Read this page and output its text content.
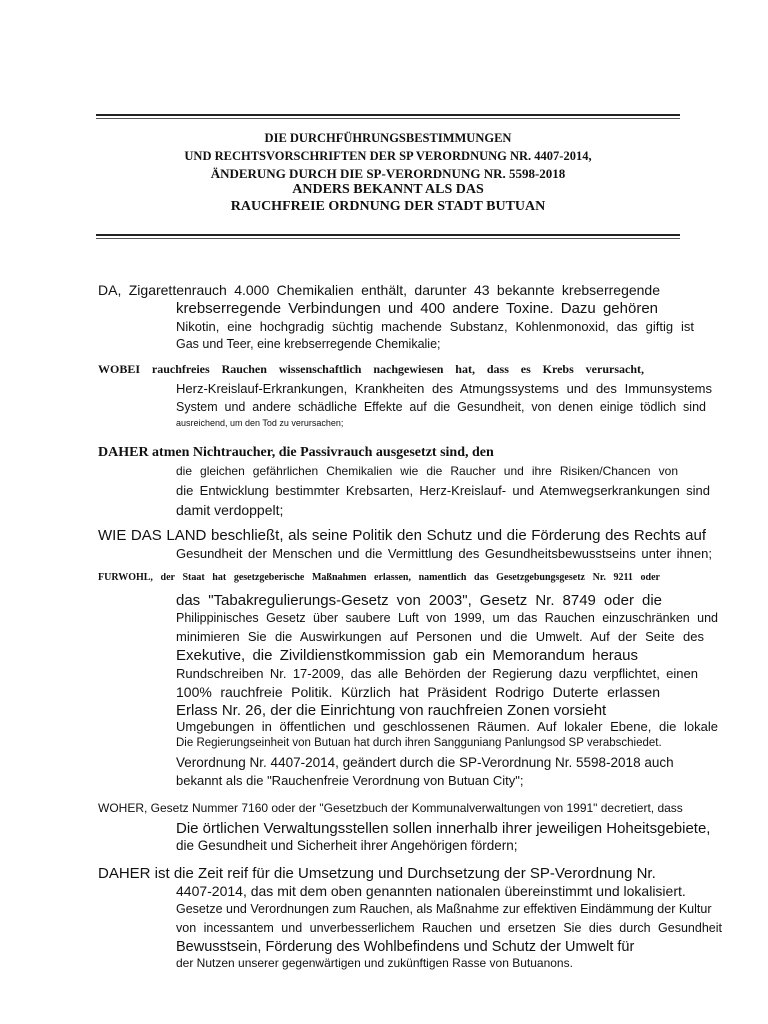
DIE DURCHFÜHRUNGSBESTIMMUNGEN
UND RECHTSVORSCHRIFTEN DER SP VERORDNUNG NR. 4407-2014,
ÄNDERUNG DURCH DIE SP-VERORDNUNG NR. 5598-2018
ANDERS BEKANNT ALS DAS
RAUCHFREIE ORDNUNG DER STADT BUTUAN
DA, Zigarettenrauch 4.000 Chemikalien enthält, darunter 43 bekannte krebserregende
krebserregende Verbindungen und 400 andere Toxine. Dazu gehören
Nikotin, eine hochgradig süchtig machende Substanz, Kohlenmonoxid, das giftig ist
Gas und Teer, eine krebserregende Chemikalie;
WOBEI rauchfreies Rauchen wissenschaftlich nachgewiesen hat, dass es Krebs verursacht,
Herz-Kreislauf-Erkrankungen, Krankheiten des Atmungssystems und des Immunsystems
System und andere schädliche Effekte auf die Gesundheit, von denen einige tödlich sind
ausreichend, um den Tod zu verursachen;
DAHER atmen Nichtraucher, die Passivrauch ausgesetzt sind, den
die gleichen gefährlichen Chemikalien wie die Raucher und ihre Risiken/Chancen von
die Entwicklung bestimmter Krebsarten, Herz-Kreislauf- und Atemwegserkrankungen sind
damit verdoppelt;
WIE DAS LAND beschließt, als seine Politik den Schutz und die Förderung des Rechts auf
Gesundheit der Menschen und die Vermittlung des Gesundheitsbewusstseins unter ihnen;
FÜRWOHL, der Staat hat gesetzgeberische Maßnahmen erlassen, namentlich das Gesetzgebungsgesetz Nr. 9211 oder
das "Tabakregulierungs-Gesetz von 2003", Gesetz Nr. 8749 oder die
Philippinisches Gesetz über saubere Luft von 1999, um das Rauchen einzuschränken und
minimieren Sie die Auswirkungen auf Personen und die Umwelt. Auf der Seite des
Exekutive, die Zivildienstkommission gab ein Memorandum heraus
Rundschreiben Nr. 17-2009, das alle Behörden der Regierung dazu verpflichtet, einen
100% rauchfreie Politik. Kürzlich hat Präsident Rodrigo Duterte erlassen
Erlass Nr. 26, der die Einrichtung von rauchfreien Zonen vorsieht
Umgebungen in öffentlichen und geschlossenen Räumen. Auf lokaler Ebene, die lokale
Die Regierungseinheit von Butuan hat durch ihren Sangguniang Panlungsod SP verabschiedet.
Verordnung Nr. 4407-2014, geändert durch die SP-Verordnung Nr. 5598-2018 auch
bekannt als die "Rauchenfreie Verordnung von Butuan City";
WOHER, Gesetz Nummer 7160 oder der "Gesetzbuch der Kommunalverwaltungen von 1991" decretiert, dass
Die örtlichen Verwaltungsstellen sollen innerhalb ihrer jeweiligen Hoheitsgebiete,
die Gesundheit und Sicherheit ihrer Angehörigen fördern;
DAHER ist die Zeit reif für die Umsetzung und Durchsetzung der SP-Verordnung Nr.
4407-2014, das mit dem oben genannten nationalen übereinstimmt und lokalisiert.
Gesetze und Verordnungen zum Rauchen, als Maßnahme zur effektiven Eindämmung der Kultur
von incessantem und unverbesserlichem Rauchen und ersetzen Sie dies durch Gesundheit
Bewusstsein, Förderung des Wohlbefindens und Schutz der Umwelt für
der Nutzen unserer gegenwärtigen und zukünftigen Rasse von Butuanons.
